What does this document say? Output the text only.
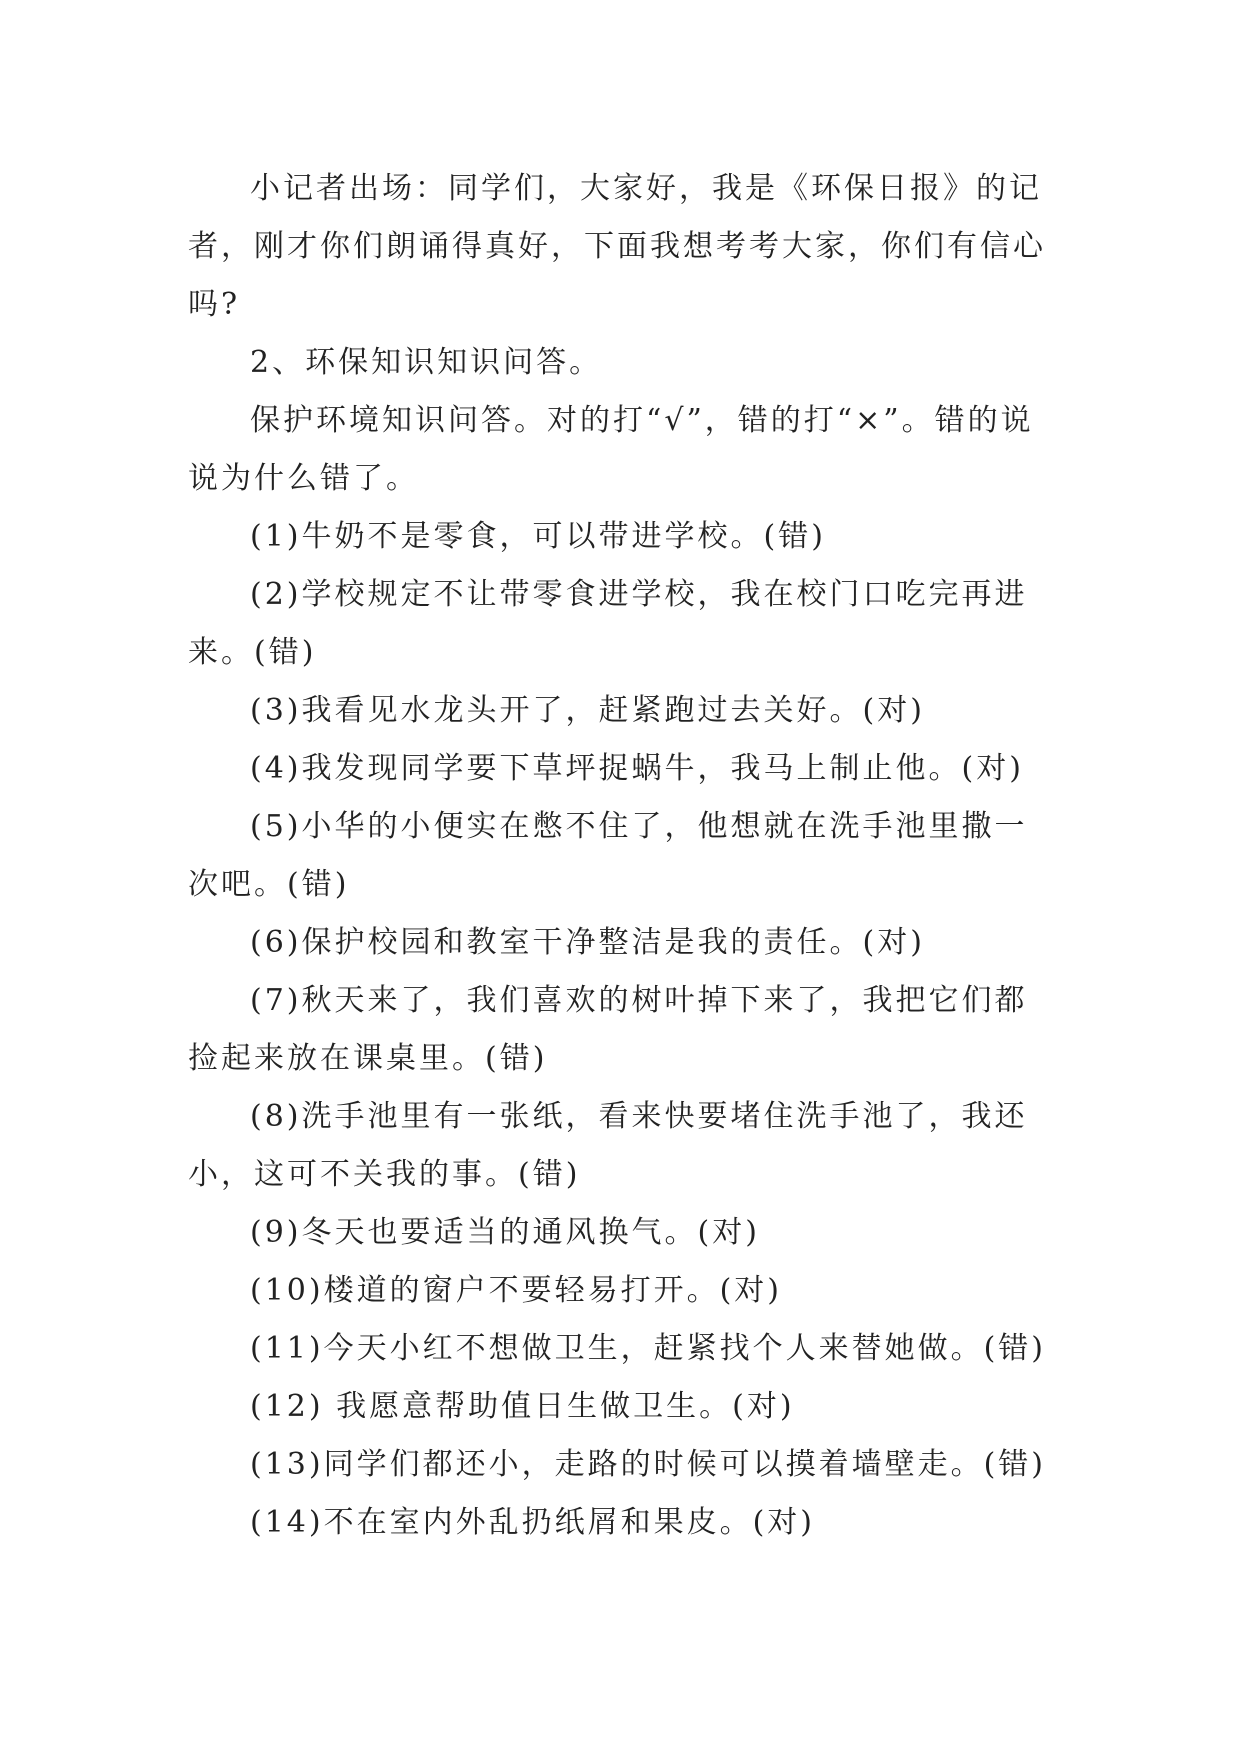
小记者出场：同学们，大家好，我是《环保日报》的记者，刚才你们朗诵得真好，下面我想考考大家，你们有信心吗?

2、环保知识知识问答。

保护环境知识问答。对的打“√”，错的打“×”。错的说说为什么错了。

(1)牛奶不是零食，可以带进学校。(错)

(2)学校规定不让带零食进学校，我在校门口吃完再进来。(错)

(3)我看见水龙头开了，赶紧跑过去关好。(对)

(4)我发现同学要下草坪捉蜗牛，我马上制止他。(对)

(5)小华的小便实在憋不住了，他想就在洗手池里撒一次吧。(错)

(6)保护校园和教室干净整洁是我的责任。(对)

(7)秋天来了，我们喜欢的树叶掉下来了，我把它们都捡起来放在课桌里。(错)

(8)洗手池里有一张纸，看来快要堵住洗手池了，我还小，这可不关我的事。(错)

(9)冬天也要适当的通风换气。(对)

(10)楼道的窗户不要轻易打开。(对)

(11)今天小红不想做卫生，赶紧找个人来替她做。(错)

(12) 我愿意帮助值日生做卫生。(对)

(13)同学们都还小，走路的时候可以摸着墙壁走。(错)

(14)不在室内外乱扔纸屑和果皮。(对)
